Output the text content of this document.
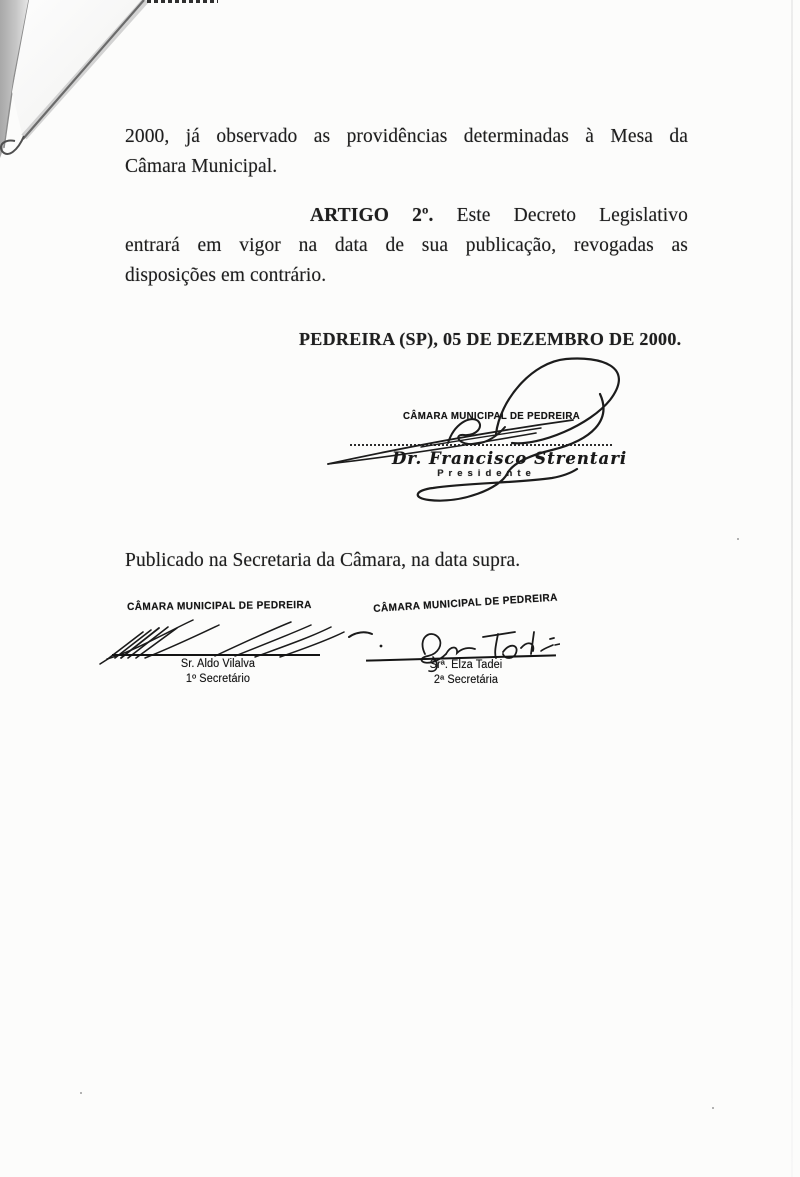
2000, já observado as providências determinadas à Mesa da
Câmara Municipal.
ARTIGO 2º. Este Decreto Legislativo
entrará em vigor na data de sua publicação, revogadas as
disposições em contrário.
PEDREIRA (SP), 05 DE DEZEMBRO DE 2000.
CÂMARA MUNICIPAL DE PEDREIRA
Dr. Francisco Strentari
Presidente
Publicado na Secretaria da Câmara, na data supra.
CÂMARA MUNICIPAL DE PEDREIRA
Sr. Aldo Vilalva
1º Secretário
CÂMARA MUNICIPAL DE PEDREIRA
Srª. Elza Tadei
2ª Secretária
